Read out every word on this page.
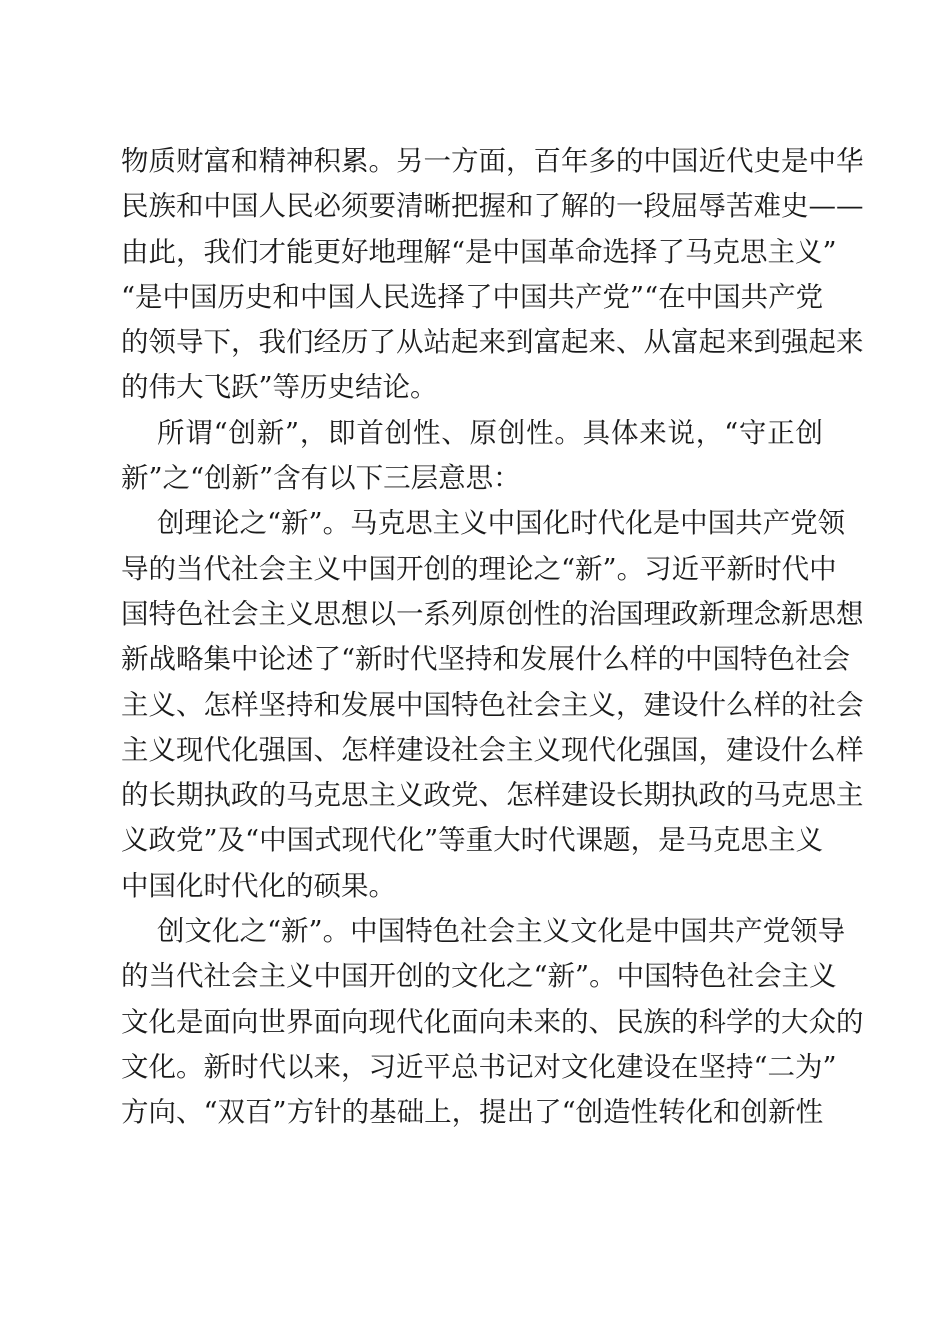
物质财富和精神积累。另一方面，百年多的中国近代史是中华
民族和中国人民必须要清晰把握和了解的一段屈辱苦难史——
由此，我们才能更好地理解“是中国革命选择了马克思主义”
“是中国历史和中国人民选择了中国共产党”“在中国共产党
的领导下，我们经历了从站起来到富起来、从富起来到强起来
的伟大飞跃”等历史结论。
所谓“创新”，即首创性、原创性。具体来说，“守正创
新”之“创新”含有以下三层意思：
创理论之“新”。马克思主义中国化时代化是中国共产党领
导的当代社会主义中国开创的理论之“新”。习近平新时代中
国特色社会主义思想以一系列原创性的治国理政新理念新思想
新战略集中论述了“新时代坚持和发展什么样的中国特色社会
主义、怎样坚持和发展中国特色社会主义，建设什么样的社会
主义现代化强国、怎样建设社会主义现代化强国，建设什么样
的长期执政的马克思主义政党、怎样建设长期执政的马克思主
义政党”及“中国式现代化”等重大时代课题，是马克思主义
中国化时代化的硕果。
创文化之“新”。中国特色社会主义文化是中国共产党领导
的当代社会主义中国开创的文化之“新”。中国特色社会主义
文化是面向世界面向现代化面向未来的、民族的科学的大众的
文化。新时代以来，习近平总书记对文化建设在坚持“二为”
方向、“双百”方针的基础上，提出了“创造性转化和创新性
